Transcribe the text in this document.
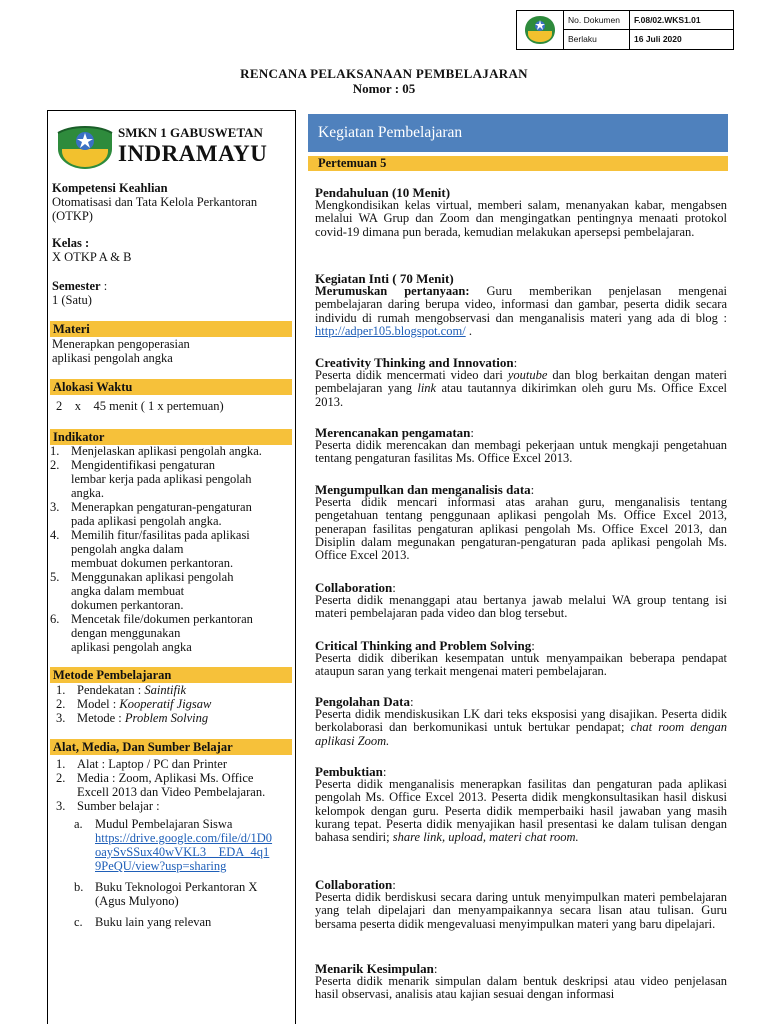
No. Dokumen	F.08/02.WKS1.01
Berlaku	16 Juli 2020
RENCANA PELAKSANAAN PEMBELAJARAN
Nomor : 05
SMKN 1 GABUSWETAN
INDRAMAYU
Kompetensi Keahlian
Otomatisasi dan Tata Kelola Perkantoran
(OTKP)
Kelas :
X OTKP A & B
Semester :
1 (Satu)
Materi
Menerapkan pengoperasian
aplikasi pengolah angka
Alokasi Waktu
2    x    45 menit ( 1 x pertemuan)
Indikator
1. Menjelaskan aplikasi pengolah angka.
2. Mengidentifikasi pengaturan
lembar kerja pada aplikasi pengolah
angka.
3. Menerapkan pengaturan-pengaturan
pada aplikasi pengolah angka.
4. Memilih fitur/fasilitas pada aplikasi
pengolah angka dalam
membuat dokumen perkantoran.
5. Menggunakan aplikasi pengolah
angka dalam membuat
dokumen perkantoran.
6. Mencetak file/dokumen perkantoran
dengan menggunakan
aplikasi pengolah angka
Metode Pembelajaran
1. Pendekatan : Saintifik
2. Model : Kooperatif Jigsaw
3. Metode : Problem Solving
Alat, Media, Dan Sumber Belajar
1. Alat : Laptop / PC dan Printer
2. Media : Zoom, Aplikasi Ms. Office
Excell 2013 dan Video Pembelajaran.
3. Sumber belajar :
a. Mudul Pembelajaran Siswa
https://drive.google.com/file/d/1D0
oaySvSSux40wVKL3__EDA_4q1
9PeQU/view?usp=sharing
b. Buku Teknologoi Perkantoran X
(Agus Mulyono)
c. Buku lain yang relevan
Kegiatan Pembelajaran
Pertemuan 5
Pendahuluan (10 Menit)
Mengkondisikan kelas virtual, memberi salam, menanyakan kabar, mengabsen melalui WA Grup dan Zoom dan mengingatkan pentingnya menaati protokol covid-19 dimana pun berada, kemudian melakukan apersepsi pembelajaran.
Kegiatan Inti ( 70 Menit)
Merumuskan pertanyaan: Guru memberikan penjelasan mengenai pembelajaran daring berupa video, informasi dan gambar, peserta didik secara individu di rumah mengobservasi dan menganalisis materi yang ada di blog : http://adper105.blogspot.com/ .
Creativity Thinking and Innovation:
Peserta didik mencermati video dari youtube dan blog berkaitan dengan materi pembelajaran yang link atau tautannya dikirimkan oleh guru Ms. Office Excel 2013.
Merencanakan pengamatan:
Peserta didik merencakan dan membagi pekerjaan untuk mengkaji pengetahuan tentang pengaturan fasilitas Ms. Office Excel 2013.
Mengumpulkan dan menganalisis data:
Peserta didik mencari informasi atas arahan guru, menganalisis tentang pengetahuan tentang penggunaan aplikasi pengolah Ms. Office Excel 2013, penerapan fasilitas pengaturan aplikasi pengolah Ms. Office Excel 2013, dan Disiplin dalam megunakan pengaturan-pengaturan pada aplikasi pengolah Ms. Office Excel 2013.
Collaboration:
Peserta didik menanggapi atau bertanya jawab melalui WA group tentang isi materi pembelajaran pada video dan blog tersebut.
Critical Thinking and Problem Solving:
Peserta didik diberikan kesempatan untuk menyampaikan beberapa pendapat ataupun saran yang terkait mengenai materi pembelajaran.
Pengolahan Data:
Peserta didik mendiskusikan LK dari teks eksposisi yang disajikan. Peserta didik berkolaborasi dan berkomunikasi untuk bertukar pendapat; chat room dengan aplikasi Zoom.
Pembuktian:
Peserta didik menganalisis menerapkan fasilitas dan pengaturan pada aplikasi pengolah Ms. Office Excel 2013. Peserta didik mengkonsultasikan hasil diskusi kelompok dengan guru. Peserta didik memperbaiki hasil jawaban yang masih kurang tepat. Peserta didik menyajikan hasil presentasi ke dalam tulisan dengan bahasa sendiri; share link, upload, materi chat room.
Collaboration:
Peserta didik berdiskusi secara daring untuk menyimpulkan materi pembelajaran yang telah dipelajari dan menyampaikannya secara lisan atau tulisan. Guru bersama peserta didik mengevaluasi menyimpulkan materi yang baru dipelajari.
Menarik Kesimpulan:
Peserta didik menarik simpulan dalam bentuk deskripsi atau video penjelasan hasil observasi, analisis atau kajian sesuai dengan informasi
